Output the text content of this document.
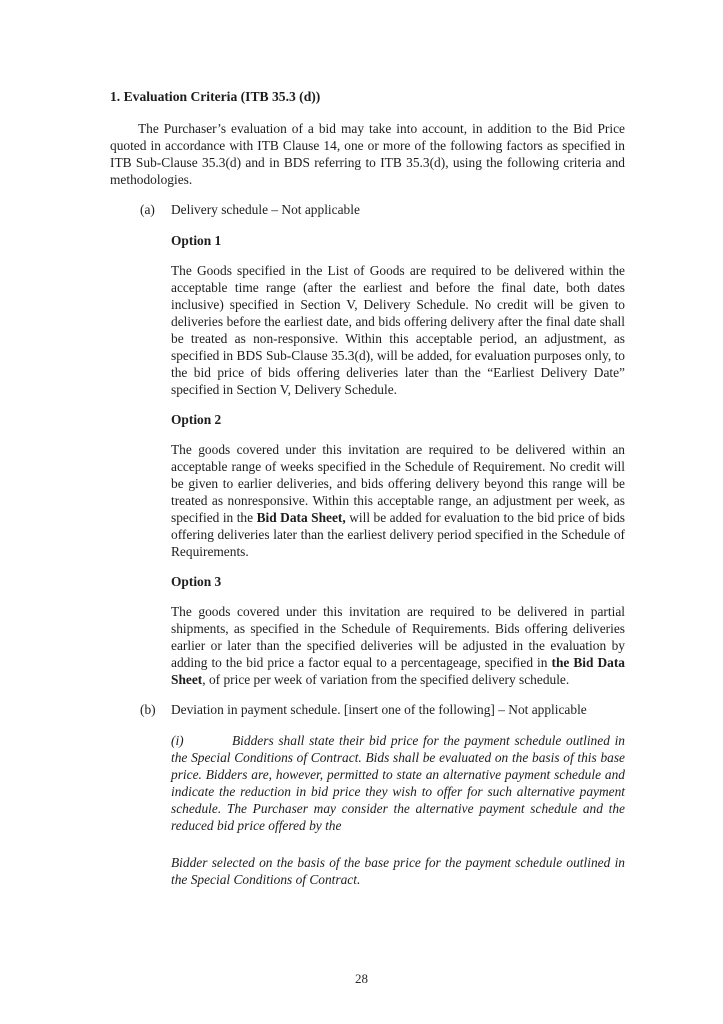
1. Evaluation Criteria (ITB 35.3 (d))

The Purchaser’s evaluation of a bid may take into account, in addition to the Bid Price quoted in accordance with ITB Clause 14, one or more of the following factors as specified in ITB Sub-Clause 35.3(d) and in BDS referring to ITB 35.3(d), using the following criteria and methodologies.

(a) Delivery schedule – Not applicable

Option 1

The Goods specified in the List of Goods are required to be delivered within the acceptable time range (after the earliest and before the final date, both dates inclusive) specified in Section V, Delivery Schedule. No credit will be given to deliveries before the earliest date, and bids offering delivery after the final date shall be treated as non-responsive. Within this acceptable period, an adjustment, as specified in BDS Sub-Clause 35.3(d), will be added, for evaluation purposes only, to the bid price of bids offering deliveries later than the “Earliest Delivery Date” specified in Section V, Delivery Schedule.

Option 2

The goods covered under this invitation are required to be delivered within an acceptable range of weeks specified in the Schedule of Requirement. No credit will be given to earlier deliveries, and bids offering delivery beyond this range will be treated as nonresponsive. Within this acceptable range, an adjustment per week, as specified in the Bid Data Sheet, will be added for evaluation to the bid price of bids offering deliveries later than the earliest delivery period specified in the Schedule of Requirements.

Option 3

The goods covered under this invitation are required to be delivered in partial shipments, as specified in the Schedule of Requirements. Bids offering deliveries earlier or later than the specified deliveries will be adjusted in the evaluation by adding to the bid price a factor equal to a percentageage, specified in the Bid Data Sheet, of price per week of variation from the specified delivery schedule.

(b) Deviation in payment schedule. [insert one of the following] – Not applicable

(i)	Bidders shall state their bid price for the payment schedule outlined in the Special Conditions of Contract. Bids shall be evaluated on the basis of this base price. Bidders are, however, permitted to state an alternative payment schedule and indicate the reduction in bid price they wish to offer for such alternative payment schedule. The Purchaser may consider the alternative payment schedule and the reduced bid price offered by the

Bidder selected on the basis of the base price for the payment schedule outlined in the Special Conditions of Contract.

28
